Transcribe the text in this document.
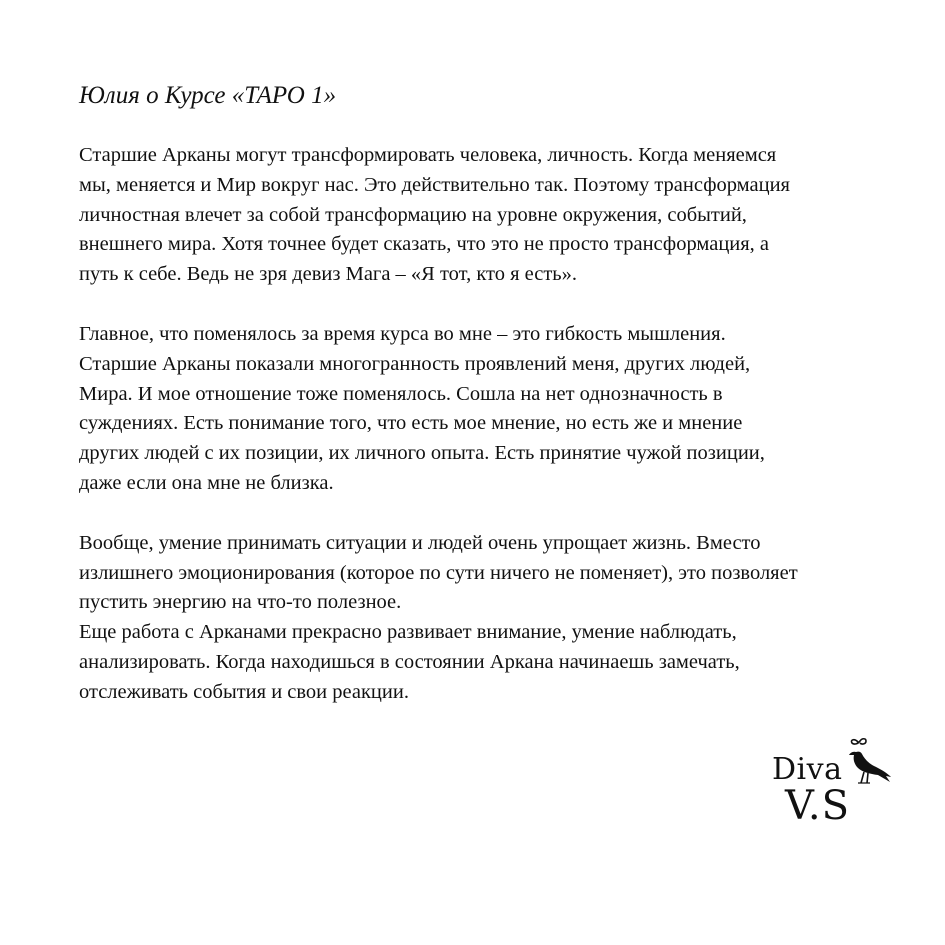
Юлия о Курсе «ТАРО 1»

Старшие Арканы могут трансформировать человека, личность. Когда меняемся
мы, меняется и Мир вокруг нас. Это действительно так. Поэтому трансформация
личностная влечет за собой трансформацию на уровне окружения, событий,
внешнего мира. Хотя точнее будет сказать, что это не просто трансформация, а
путь к себе. Ведь не зря девиз Мага – «Я тот, кто я есть».

Главное, что поменялось за время курса во мне – это гибкость мышления.
Старшие Арканы показали многогранность проявлений меня, других людей,
Мира. И мое отношение тоже поменялось. Сошла на нет однозначность в
суждениях. Есть понимание того, что есть мое мнение, но есть же и мнение
других людей с их позиции, их личного опыта. Есть принятие чужой позиции,
даже если она мне не близка.

Вообще, умение принимать ситуации и людей очень упрощает жизнь. Вместо
излишнего эмоционирования (которое по сути ничего не поменяет), это позволяет
пустить энергию на что-то полезное.
Еще работа с Арканами прекрасно развивает внимание, умение наблюдать,
анализировать. Когда находишься в состоянии Аркана начинаешь замечать,
отслеживать события и свои реакции.

Diva
V.S
